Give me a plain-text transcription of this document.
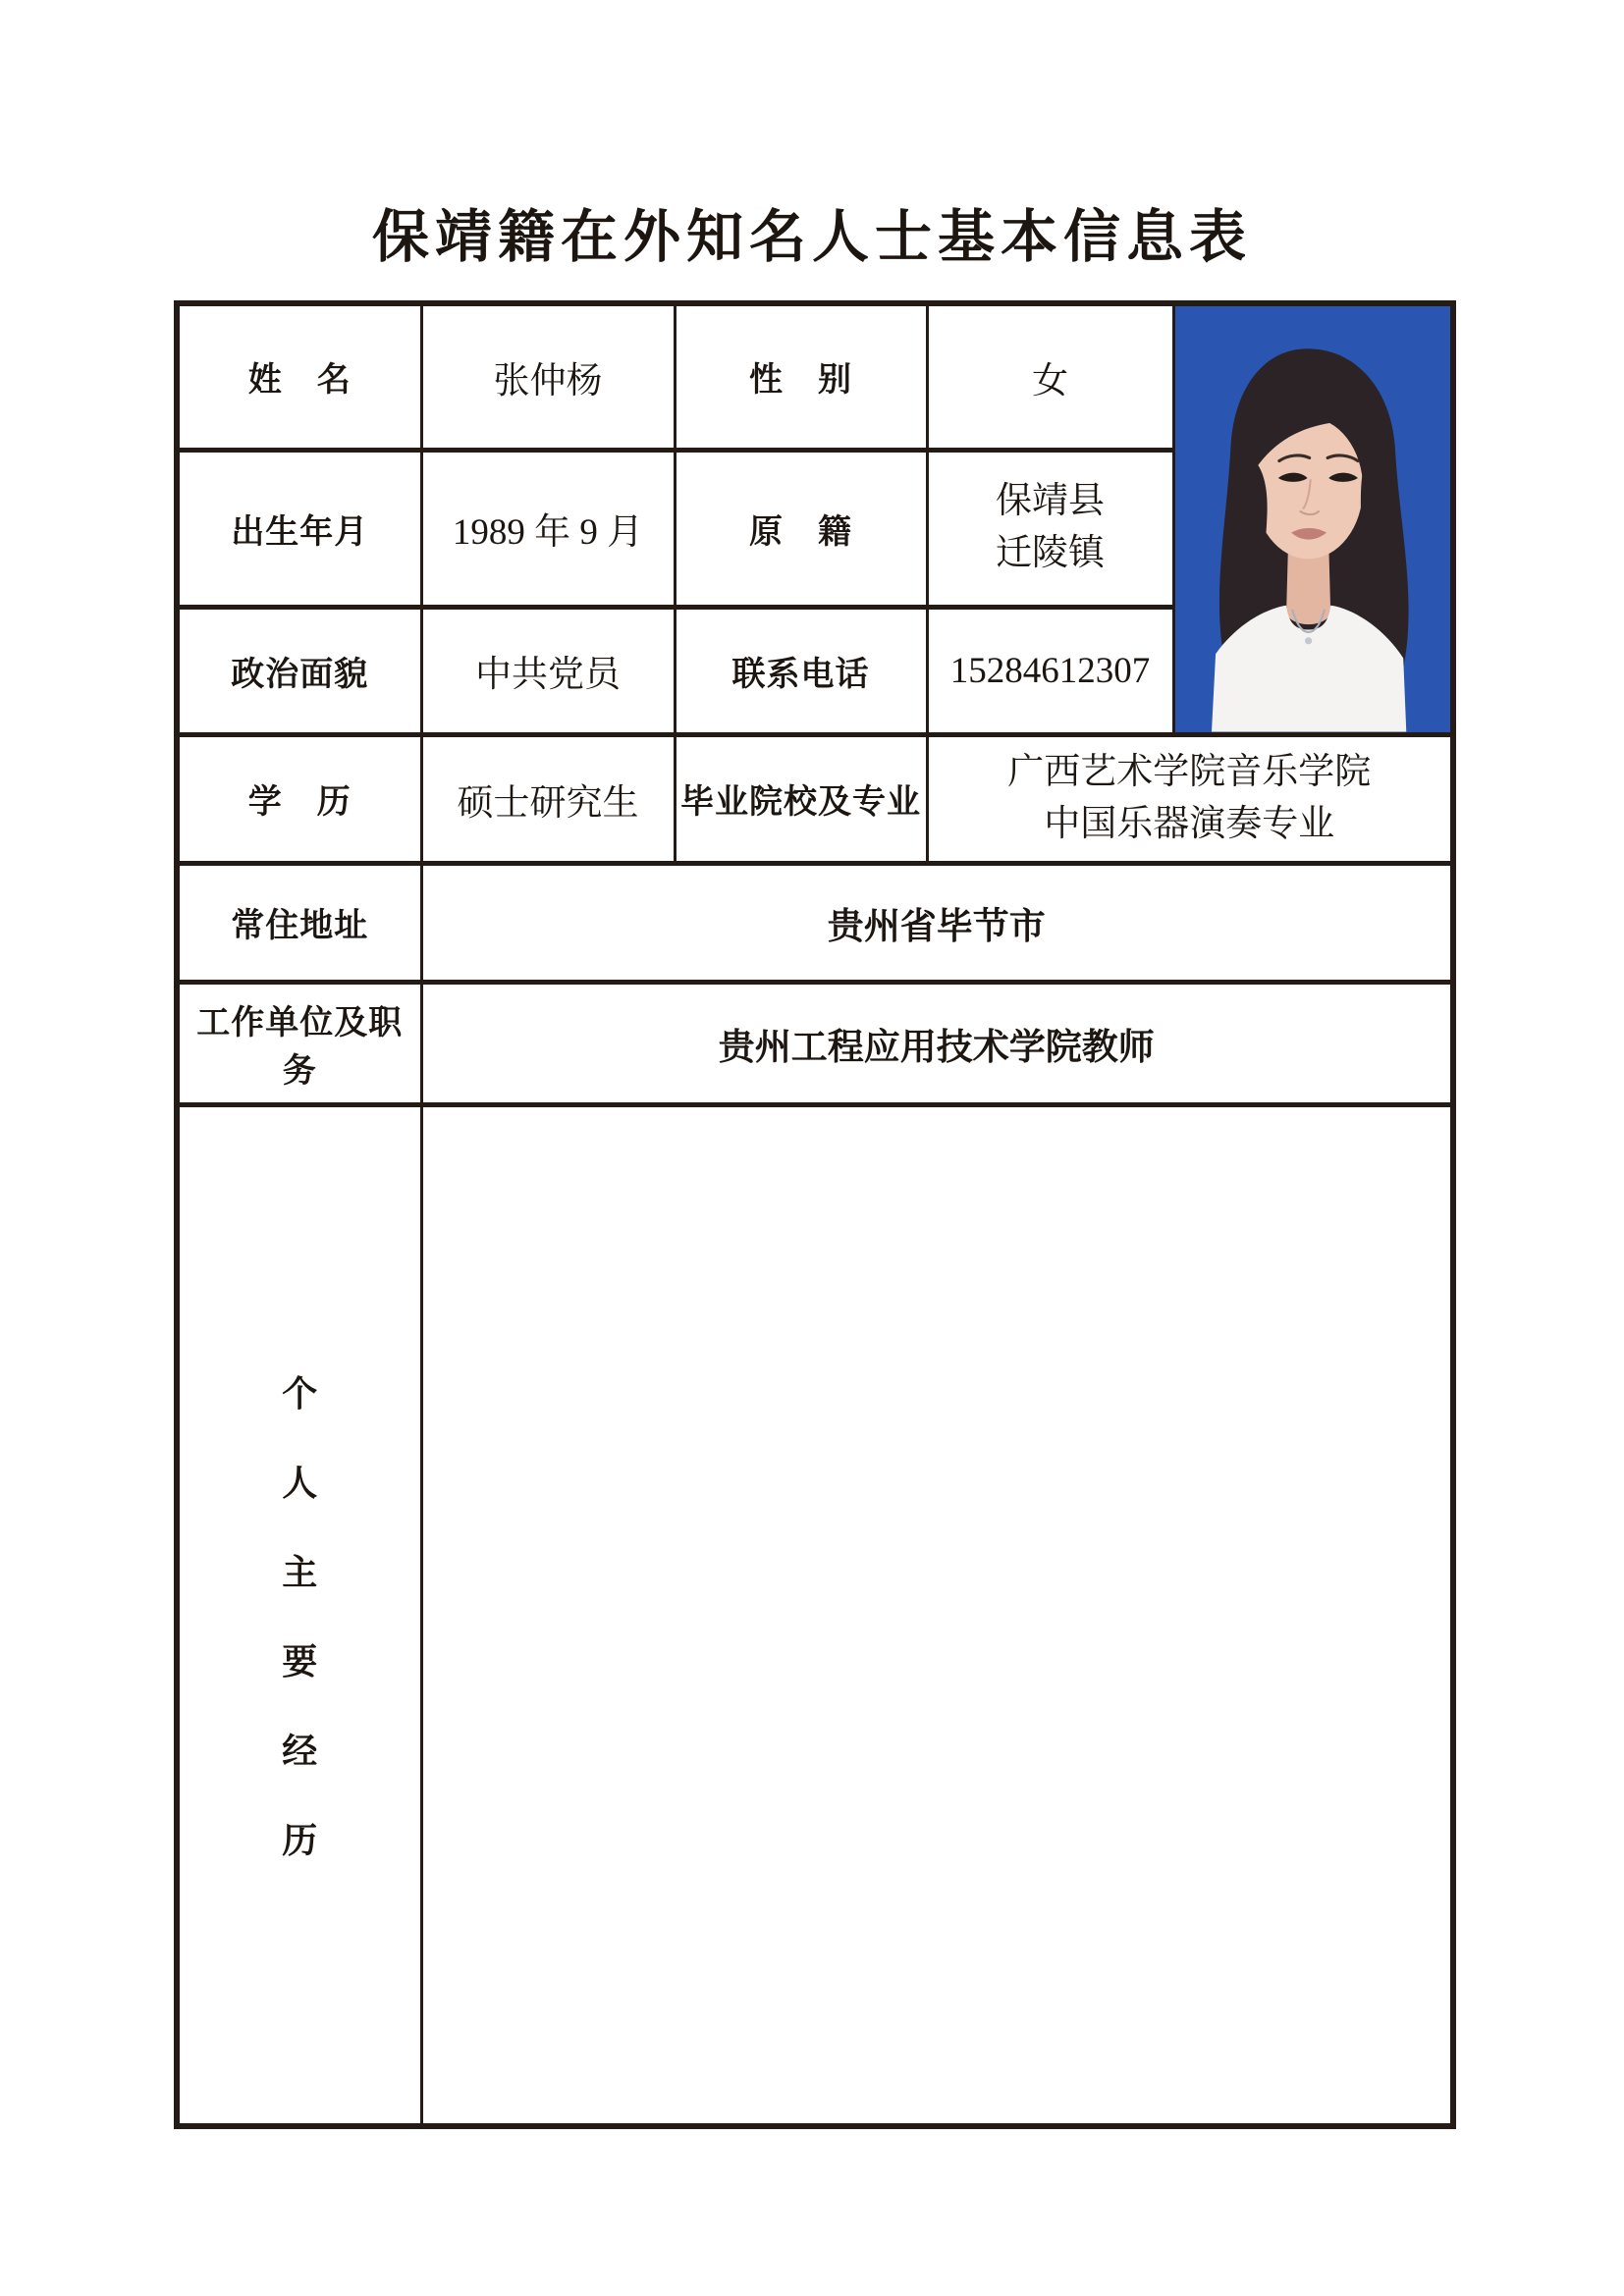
保靖籍在外知名人士基本信息表
姓　名	张仲杨	性　别	女	

出生年月	1989 年 9 月	原　籍	保靖县
迁陵镇	

政治面貌	中共党员	联系电话	15284612307	
学　历	硕士研究生	毕业院校及专业	广西艺术学院音乐学院
中国乐器演奏专业	

常住地址	贵州省毕节市			
工作单位及职务	贵州工程应用技术学院教师			

个
人
主
要
经
历
